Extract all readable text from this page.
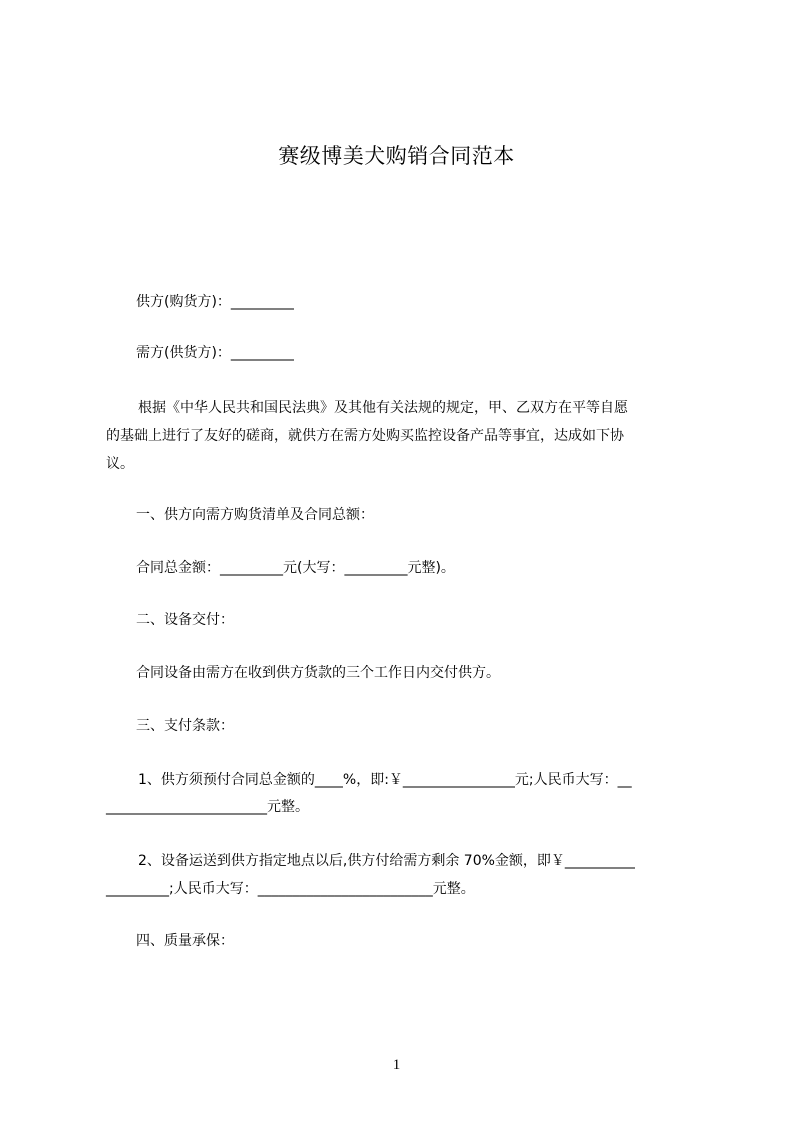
赛级博美犬购销合同范本
供方(购货方)：_________
需方(供货方)：_________
根据《中华人民共和国民法典》及其他有关法规的规定，甲、乙双方在平等自愿
的基础上进行了友好的磋商，就供方在需方处购买监控设备产品等事宜，达成如下协
议。
一、供方向需方购货清单及合同总额：
合同总金额：_________元(大写：_________元整)。
二、设备交付：
合同设备由需方在收到供方货款的三个工作日内交付供方。
三、支付条款：
1、供方须预付合同总金额的____%，即:￥________________元;人民币大写：__
_______________________元整。
2、设备运送到供方指定地点以后,供方付给需方剩余 70%金额，即￥__________
_________;人民币大写：_________________________元整。
四、质量承保：
1
